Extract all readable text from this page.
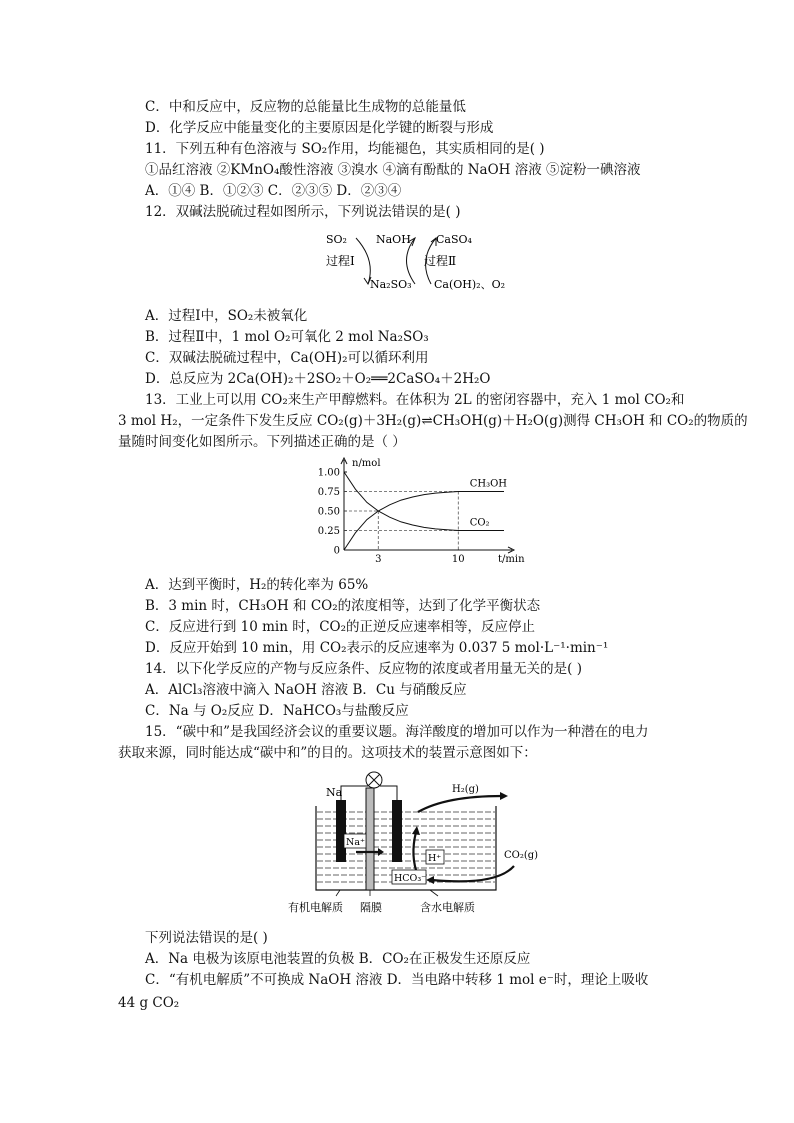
C．中和反应中，反应物的总能量比生成物的总能量低
D．化学反应中能量变化的主要原因是化学键的断裂与形成
11．下列五种有色溶液与 SO₂作用，均能褪色，其实质相同的是( )
①品红溶液 ②KMnO₄酸性溶液 ③溴水 ④滴有酚酞的 NaOH 溶液 ⑤淀粉一碘溶液
A．①④ B．①②③ C．②③⑤ D．②③④
12．双碱法脱硫过程如图所示，下列说法错误的是( )
SO₂	NaOH CaSO₄
过程Ⅰ	过程Ⅱ
Na₂SO₃ Ca(OH)₂、O₂
A．过程Ⅰ中，SO₂未被氧化
B．过程Ⅱ中，1 mol O₂可氧化 2 mol Na₂SO₃
C．双碱法脱硫过程中，Ca(OH)₂可以循环利用
D．总反应为 2Ca(OH)₂＋2SO₂＋O₂══2CaSO₄＋2H₂O
13．工业上可以用 CO₂来生产甲醇燃料。在体积为 2L 的密闭容器中，充入 1 mol CO₂和
3 mol H₂，一定条件下发生反应 CO₂(g)＋3H₂(g)⇌CH₃OH(g)＋H₂O(g)测得 CH₃OH 和 CO₂的物质的
量随时间变化如图所示。下列描述正确的是（ ）
n/mol
t/min
1.00
0.75
0.50
0.25
0
3	10
CH₃OH
CO₂
A．达到平衡时，H₂的转化率为 65%
B．3 min 时，CH₃OH 和 CO₂的浓度相等，达到了化学平衡状态
C．反应进行到 10 min 时，CO₂的正逆反应速率相等，反应停止
D．反应开始到 10 min，用 CO₂表示的反应速率为 0.037 5 mol·L⁻¹·min⁻¹
14．以下化学反应的产物与反应条件、反应物的浓度或者用量无关的是( )
A．AlCl₃溶液中滴入 NaOH 溶液 B．Cu 与硝酸反应
C．Na 与 O₂反应 D．NaHCO₃与盐酸反应
15．“碳中和”是我国经济会议的重要议题。海洋酸度的增加可以作为一种潜在的电力
获取来源，同时能达成“碳中和”的目的。这项技术的装置示意图如下：
Na
Na⁺
H₂(g)
H⁺
HCO₃⁻
CO₂(g)
有机电解质 隔膜	含水电解质
下列说法错误的是( )
A．Na 电极为该原电池装置的负极 B．CO₂在正极发生还原反应
C．“有机电解质”不可换成 NaOH 溶液 D．当电路中转移 1 mol e⁻时，理论上吸收
44 g CO₂
